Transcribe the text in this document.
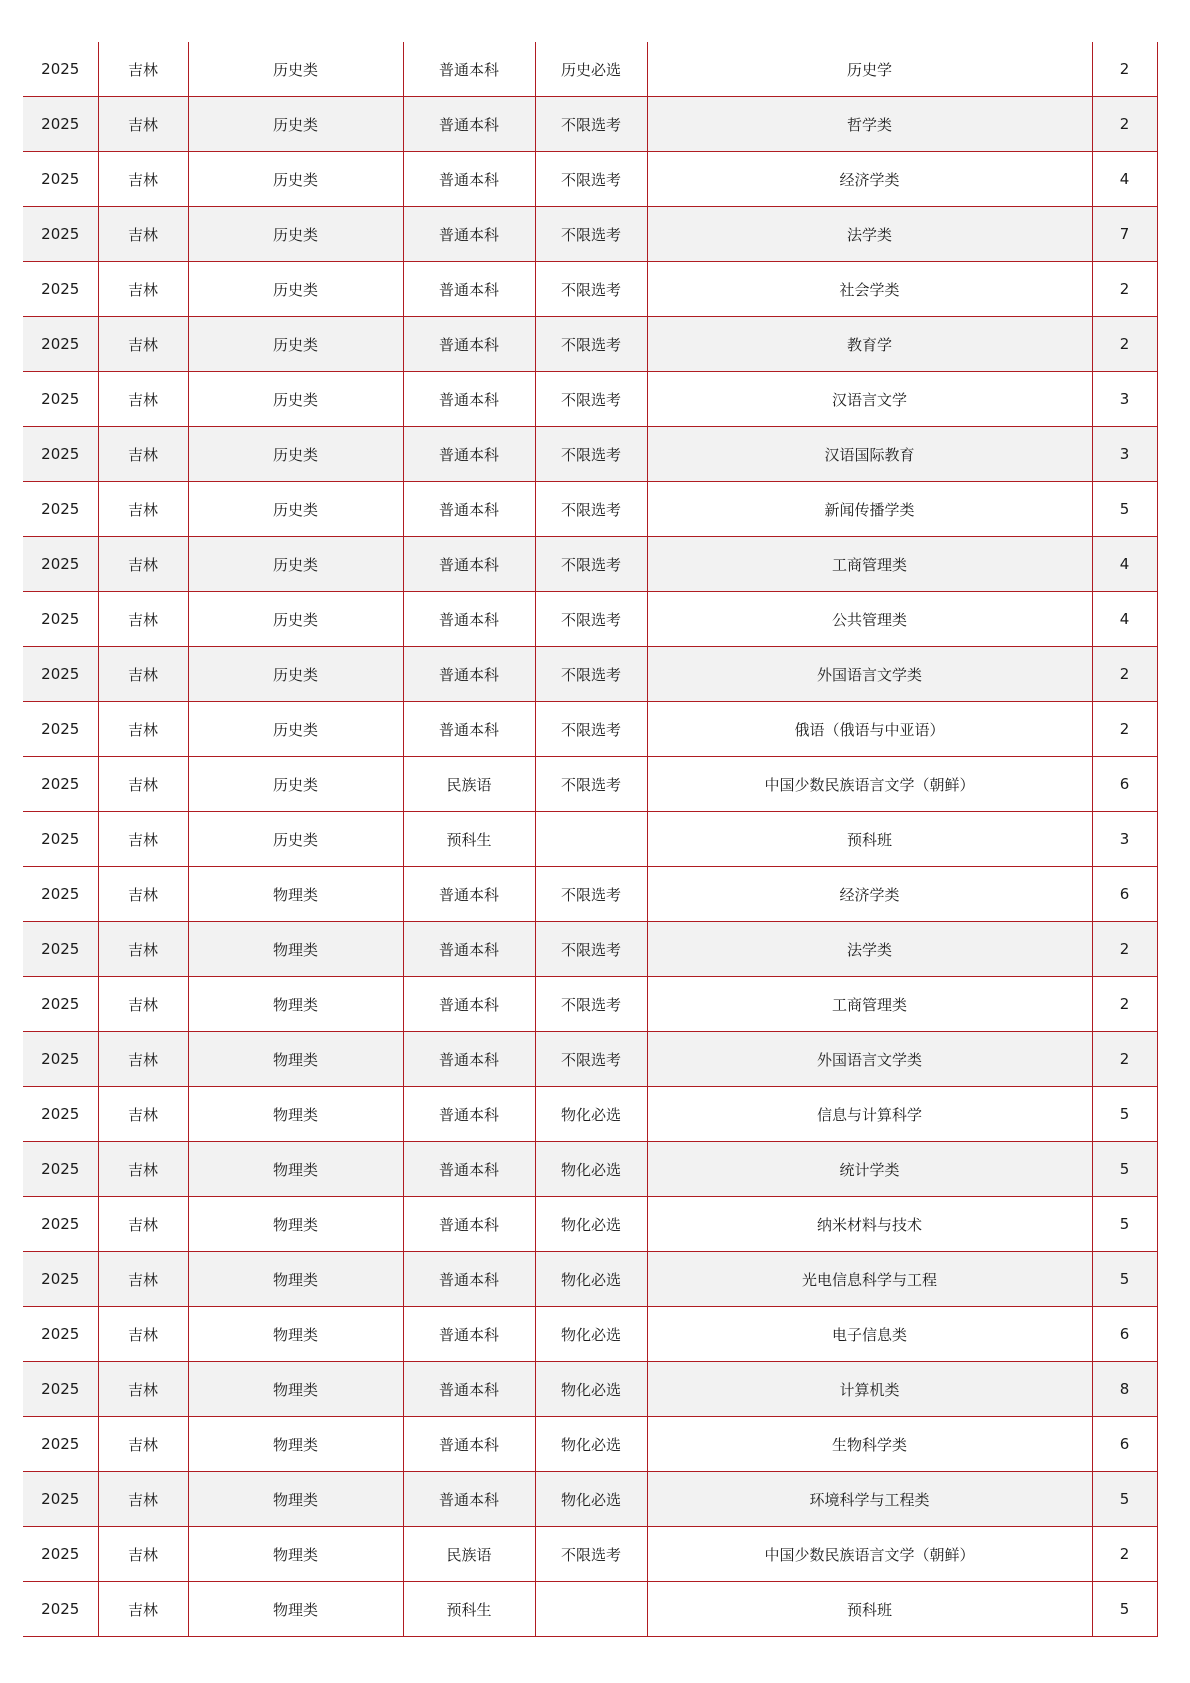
2025	吉林	历史类	普通本科	历史必选	历史学	2
2025	吉林	历史类	普通本科	不限选考	哲学类	2
2025	吉林	历史类	普通本科	不限选考	经济学类	4
2025	吉林	历史类	普通本科	不限选考	法学类	7
2025	吉林	历史类	普通本科	不限选考	社会学类	2
2025	吉林	历史类	普通本科	不限选考	教育学	2
2025	吉林	历史类	普通本科	不限选考	汉语言文学	3
2025	吉林	历史类	普通本科	不限选考	汉语国际教育	3
2025	吉林	历史类	普通本科	不限选考	新闻传播学类	5
2025	吉林	历史类	普通本科	不限选考	工商管理类	4
2025	吉林	历史类	普通本科	不限选考	公共管理类	4
2025	吉林	历史类	普通本科	不限选考	外国语言文学类	2
2025	吉林	历史类	普通本科	不限选考	俄语（俄语与中亚语）	2
2025	吉林	历史类	民族语	不限选考	中国少数民族语言文学（朝鲜）	6
2025	吉林	历史类	预科生		预科班	3
2025	吉林	物理类	普通本科	不限选考	经济学类	6
2025	吉林	物理类	普通本科	不限选考	法学类	2
2025	吉林	物理类	普通本科	不限选考	工商管理类	2
2025	吉林	物理类	普通本科	不限选考	外国语言文学类	2
2025	吉林	物理类	普通本科	物化必选	信息与计算科学	5
2025	吉林	物理类	普通本科	物化必选	统计学类	5
2025	吉林	物理类	普通本科	物化必选	纳米材料与技术	5
2025	吉林	物理类	普通本科	物化必选	光电信息科学与工程	5
2025	吉林	物理类	普通本科	物化必选	电子信息类	6
2025	吉林	物理类	普通本科	物化必选	计算机类	8
2025	吉林	物理类	普通本科	物化必选	生物科学类	6
2025	吉林	物理类	普通本科	物化必选	环境科学与工程类	5
2025	吉林	物理类	民族语	不限选考	中国少数民族语言文学（朝鲜）	2
2025	吉林	物理类	预科生		预科班	5
